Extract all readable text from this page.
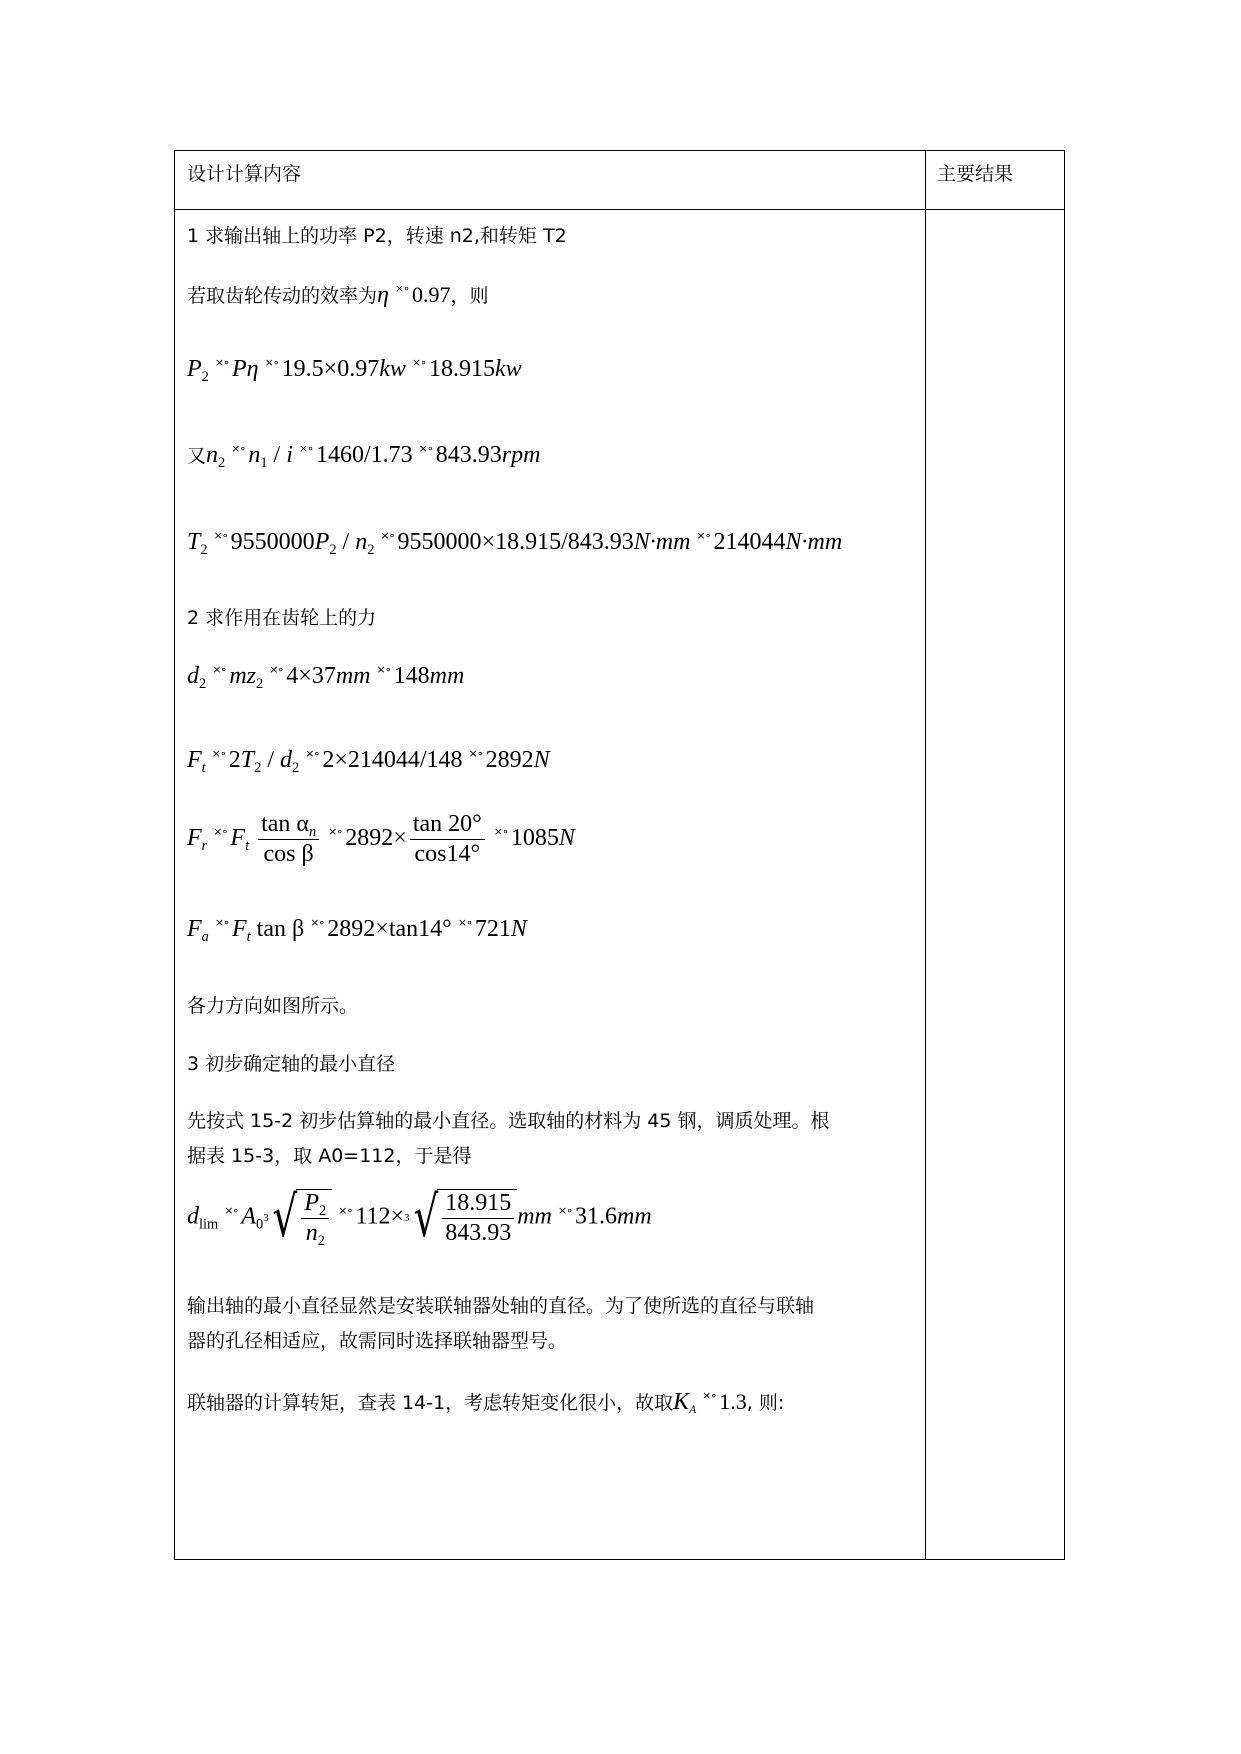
设计计算内容	主要结果
1 求输出轴上的功率 P2，转速 n2,和转矩 T2
若取齿轮传动的效率为η ×∘ 0.97，则
$P_2^{\times\circ}$ Pη ×∘ 19.5×0.97kw ×∘ 18.915kw
又$n_2^{\times\circ}$ $n_1$ / i ×∘ 1460/1.73 ×∘ 843.93rpm
$T_2^{\times\circ}$ $9550000P_2 / n_2^{\times\circ}$ 9550000×18.915/843.93N·mm ×∘ 214044N·mm
2 求作用在齿轮上的力
$d_2^{\times\circ}$ $mz_2^{\times\circ}$ 4×37mm ×∘ 148mm
$F_t^{\times\circ}$ $2T_2 / d_2^{\times\circ}$ 2×214044/148 ×∘ 2892N
$F_r^{\times\circ}$ $F_t \frac{\tan \alpha_n}{\text{cos β}} ^{\times\circ}$ $2892\times \frac{\tan 20^\circ}{\cos 14^\circ} ^{\times\circ}$ 1085N
$F_a^{\times\circ}$ $F_t$ tan β ×∘ 2892×tan14° ×∘ 721N
各力方向如图所示。
3 初步确定轴的最小直径
先按式 15-2 初步估算轴的最小直径。选取轴的材料为 45 钢，调质处理。根
据表 15-3，取 A0=112，于是得
$d_{lim}^{\times\circ}$ $A_0$ 3 √ $\frac{P_2}{n_2} ^{\times\circ}$ 112× 3 √ $\frac{18.915}{843.93}$ mm ×∘ 31.6mm
输出轴的最小直径显然是安装联轴器处轴的直径。为了使所选的直径与联轴
器的孔径相适应，故需同时选择联轴器型号。
联轴器的计算转矩，查表 14-1，考虑转矩变化很小，故取$K_A^{\times\circ}$ 1.3, 则:
